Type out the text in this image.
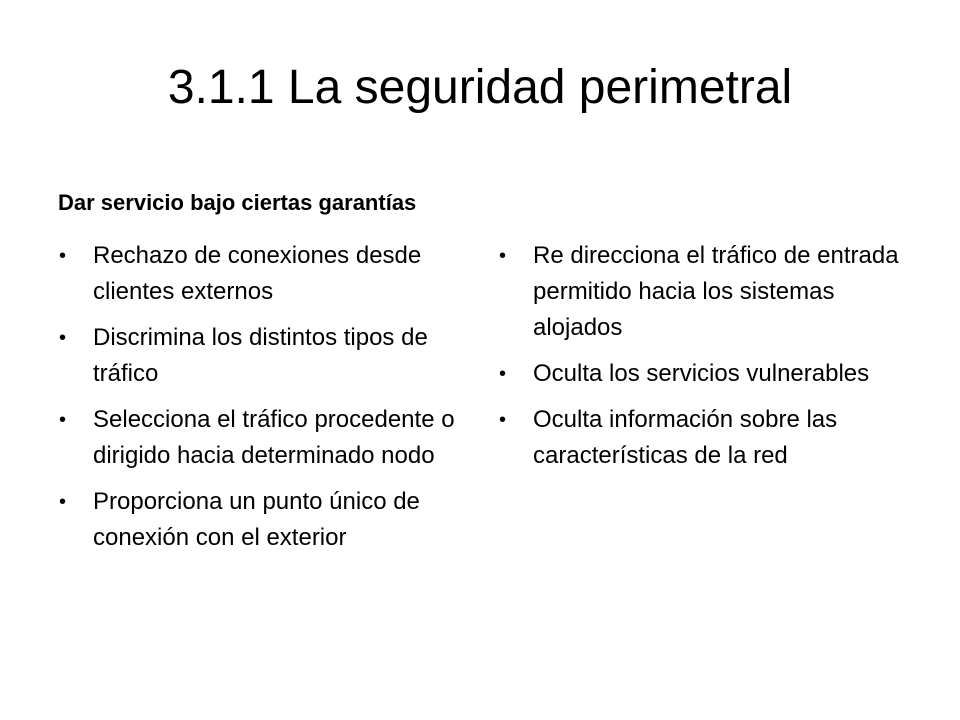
3.1.1 La seguridad perimetral
Dar servicio bajo ciertas garantías
• Rechazo de conexiones desde clientes externos
• Discrimina los distintos tipos de tráfico
• Selecciona el tráfico procedente o dirigido hacia determinado nodo
• Proporciona un punto único de conexión con el exterior
• Re direcciona el tráfico de entrada permitido hacia los sistemas alojados
• Oculta los servicios vulnerables
• Oculta información sobre las características de la red
